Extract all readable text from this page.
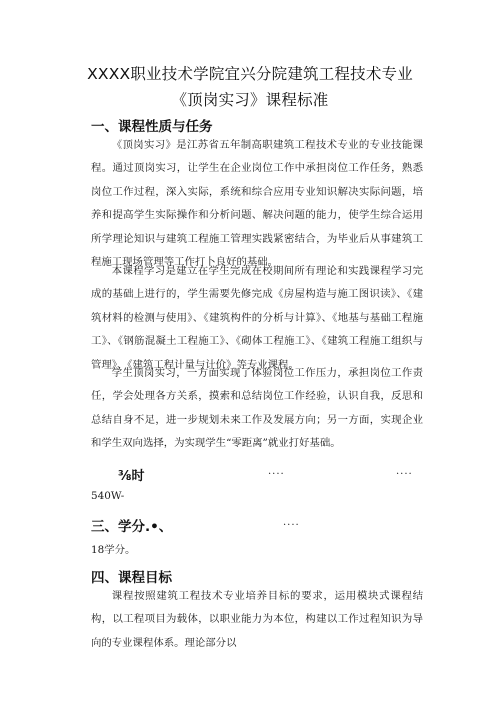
XXXX职业技术学院宜兴分院建筑工程技术专业
《顶岗实习》课程标准
一、课程性质与任务
《顶岗实习》是江苏省五年制高职建筑工程技术专业的专业技能课程。通过顶岗实习，让学生在企业岗位工作中承担岗位工作任务，熟悉岗位工作过程，深入实际，系统和综合应用专业知识解决实际问题，培养和提高学生实际操作和分析问题、解决问题的能力，使学生综合运用所学理论知识与建筑工程施工管理实践紧密结合，为毕业后从事建筑工程施工现场管理等工作打卜良好的基础。
本课程学习是建立在学生完成在校期间所有理论和实践课程学习完成的基础上进行的，学生需要先修完成《房屋构造与施工图识读》、《建筑材料的检测与使用》、《建筑构件的分析与计算》、《地基与基础工程施工》、《钢筋混凝土工程施工》、《砌体工程施工》、《建筑工程施工组织与管理》、《建筑工程计量与计价》等专业课程。
学生顶岗实习，一方面实现了体验岗位工作压力，承担岗位工作责任，学会处理各方关系，摸索和总结岗位工作经验，认识自我，反思和总结自身不足，进一步规划未来工作及发展方向；另一方面，实现企业和学生双向选择，为实现学生“零距离”就业打好基础。
⅜时	....	....
540W-
三、学分.•、	....
18学分。
四、课程目标
课程按照建筑工程技术专业培养目标的要求，运用模块式课程结构，以工程项目为载体，以职业能力为本位，构建以工作过程知识为导向的专业课程体系。理论部分以
